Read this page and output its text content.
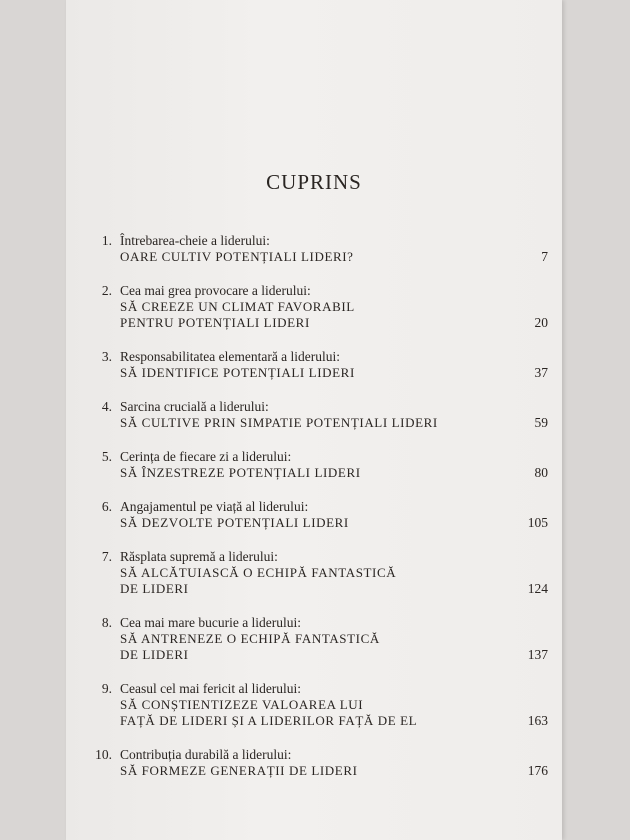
CUPRINS
1. Întrebarea-cheie a liderului:
OARE CULTIV POTENȚIALI LIDERI?	7
2. Cea mai grea provocare a liderului:
SĂ CREEZE UN CLIMAT FAVORABIL
PENTRU POTENȚIALI LIDERI	20
3. Responsabilitatea elementară a liderului:
SĂ IDENTIFICE POTENȚIALI LIDERI	37
4. Sarcina crucială a liderului:
SĂ CULTIVE PRIN SIMPATIE POTENȚIALI LIDERI	59
5. Cerința de fiecare zi a liderului:
SĂ ÎNZESTREZE POTENȚIALI LIDERI	80
6. Angajamentul pe viață al liderului:
SĂ DEZVOLTE POTENȚIALI LIDERI	105
7. Răsplata supremă a liderului:
SĂ ALCĂTUIASCĂ O ECHIPĂ FANTASTICĂ
DE LIDERI	124
8. Cea mai mare bucurie a liderului:
SĂ ANTRENEZE O ECHIPĂ FANTASTICĂ
DE LIDERI	137
9. Ceasul cel mai fericit al liderului:
SĂ CONȘTIENTIZEZE VALOAREA LUI
FAȚĂ DE LIDERI ȘI A LIDERILOR FAȚĂ DE EL	163
10. Contribuția durabilă a liderului:
SĂ FORMEZE GENERAȚII DE LIDERI	176
